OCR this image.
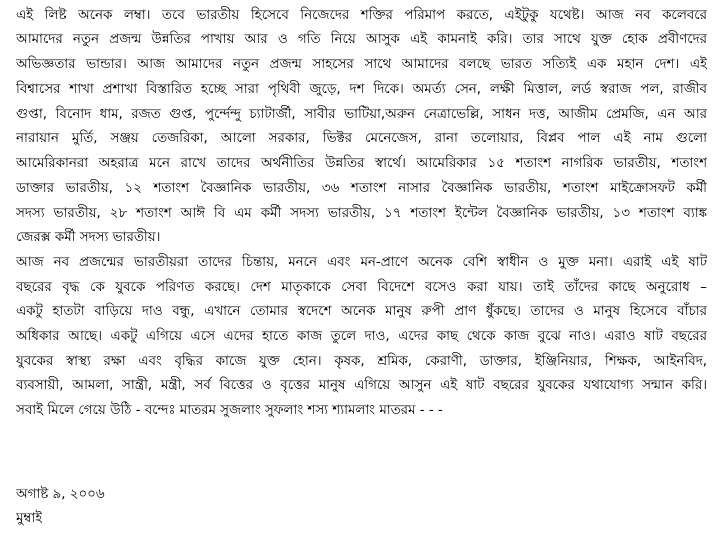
এই লিষ্ট অনেক লম্বা। তবে ভারতীয় হিসেবে নিজেদের শক্তির পরিমাপ করতে, এইটুকু যথেষ্ট। আজ নব কলেবরে
আমাদের নতুন প্রজন্ম উন্নতির পাখায় আর ও গতি নিয়ে আসুক এই কামনাই করি। তার সাথে যুক্ত হোক প্রবীণদের
অভিজ্ঞতার ভান্ডার। আজ আমাদের নতুন প্রজন্ম সাহসের সাথে আমাদের বলছে ভারত সত্যিই এক মহান দেশ। এই
বিশ্বাসের শাখা প্রশাখা বিস্তারিত হচ্ছে সারা পৃথিবী জুড়ে, দশ দিকে। অমর্ত্য সেন, লক্ষী মিত্তাল, লর্ড স্বরাজ পল, রাজীব
গুপ্তা, বিনোদ ধাম, রজত গুপ্ত, পুর্ন্দেন্দু চ্যাটার্জী, সাবীর ভাটিয়া,অরুন নেত্রাভেল্লি, সাধন দত্ত, আজীম প্রেমজি, এন আর
নারায়ান মুর্তি, সঞ্জয় তেজরিকা, আলো সরকার, ভিক্টর মেনেজেস, রানা তলোয়ার, বিপ্লব পাল এই নাম গুলো
আমেরিকানরা অহরাত্র মনে রাখে তাদের অর্থনীতির উন্নতির স্বার্থে। আমেরিকার ১৫ শতাংশ নাগরিক ভারতীয়, শতাংশ
ডাক্তার ভারতীয়, ১২ শতাংশ বৈজ্ঞানিক ভারতীয়, ৩৬ শতাংশ নাসার বৈজ্ঞানিক ভারতীয়, শতাংশ মাইক্রোসফট কর্মী
সদস্য ভারতীয়, ২৮ শতাংশ আঈ বি এম কর্মী সদস্য ভারতীয়, ১৭ শতাংশ ইন্টেল বৈজ্ঞানিক ভারতীয়, ১৩ শতাংশ ব্যাঙ্ক
জেরক্স কর্মী সদস্য ভারতীয়।
আজ নব প্রজন্মের ভারতীয়রা তাদের চিন্তায়, মননে এবং মন-প্রাণে অনেক বেশি স্বাধীন ও মুক্ত মনা। এরাই এই ষাট
বছরের বৃদ্ধ কে যুবকে পরিণত করছে। দেশ মাতৃকাকে সেবা বিদেশে বসেও করা যায়। তাই তাঁদের কাছে অনুরোধ –
একটু হাতটা বাড়িয়ে দাও বন্ধু, এখানে তোমার স্বদেশে অনেক মানুষ রুপী প্রাণ ধুঁকছে। তাদের ও মানুষ হিসেবে বাঁচার
অধিকার আছে। একটু এগিয়ে এসে এদের হাতে কাজ তুলে দাও, এদের কাছ থেকে কাজ বুঝে নাও। এরাও ষাট বছরের
যুবকের স্বাস্থ্য রক্ষা এবং বৃদ্ধির কাজে যুক্ত হোন। কৃষক, শ্রমিক, কেরাণী, ডাক্তার, ইঞ্জিনিয়ার, শিক্ষক, আইনবিদ,
ব্যবসায়ী, আমলা, সান্ত্রী, মন্ত্রী, সর্ব বিত্তের ও বৃত্তের মানুষ এগিয়ে আসুন এই ষাট বছরের যুবকের যথাযোগ্য সন্মান করি।
সবাই মিলে গেয়ে উঠি - বন্দেঃ মাতরম সুজলাং সুফলাং শস্য শ্যামলাং মাতরম - - -
অগাষ্ট ৯, ২০০৬
মুম্বাই
